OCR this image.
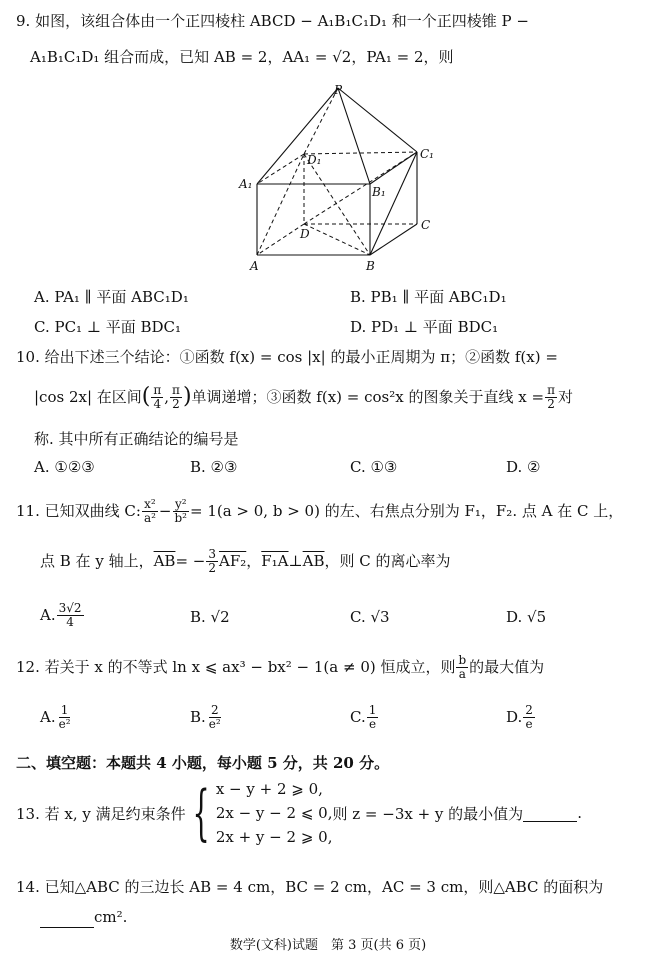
9. 如图，该组合体由一个正四棱柱 ABCD − A₁B₁C₁D₁ 和一个正四棱锥 P −
A₁B₁C₁D₁ 组合而成，已知 AB = 2，AA₁ = √2，PA₁ = 2，则
P
D₁	C₁
A₁
B₁
D
C
A	B
A. PA₁ ∥ 平面 ABC₁D₁	B. PB₁ ∥ 平面 ABC₁D₁
C. PC₁ ⊥ 平面 BDC₁	D. PD₁ ⊥ 平面 BDC₁
10. 给出下述三个结论：①函数 f(x) = cos |x| 的最小正周期为 π；②函数 f(x) =
|cos 2x| 在区间 ( $\frac{\pi}{4}$ , $\frac{\pi}{2}$ ) 单调递增；③函数 f(x) = cos²x 的图象关于直线 $x = \frac{\pi}{2}$ 对
称. 其中所有正确结论的编号是
A. ①②③	B. ②③	C. ①③	D. ②
11. 已知双曲线 C: $\frac{\text{x²}}{\text{a²}} - \frac{\text{y²}}{\text{b²}} = 1(a > 0$, b > 0) 的左、右焦点分别为 F₁，F₂. 点 A 在 C 上，
点 B 在 y 轴上， $\overline{AB}$ = − $\frac{3}{2} AF_2$ ， F₁A ⊥ $\overline{AB}$ ，则 C 的离心率为
A. $\frac{3√2}{4}$	B. √2	C. √3	D. √5
12. 若关于 x 的不等式 ln x ⩽ ax³ − bx² − 1(a ≠ 0) 恒成立，则 $\frac{b}{a}$ 的最大值为
A. $\frac{1}{\text{e²}}$	B. $\frac{2}{\text{e²}}$	C. $\frac{1}{e}$	D. $\frac{2}{e}$
二、填空题：本题共 4 小题，每小题 5 分，共 20 分。
13. 若 x, y 满足约束条件 { x − y + 2 ⩾ 0,
2x − y − 2 ⩽ 0,
2x + y − 2 ⩾ 0,
则 z = −3x + y 的最小值为	.
14. 已知△ABC 的三边长 AB = 4 cm，BC = 2 cm，AC = 3 cm，则△ABC 的面积为
cm².
数学(文科)试题　第 3 页(共 6 页)
